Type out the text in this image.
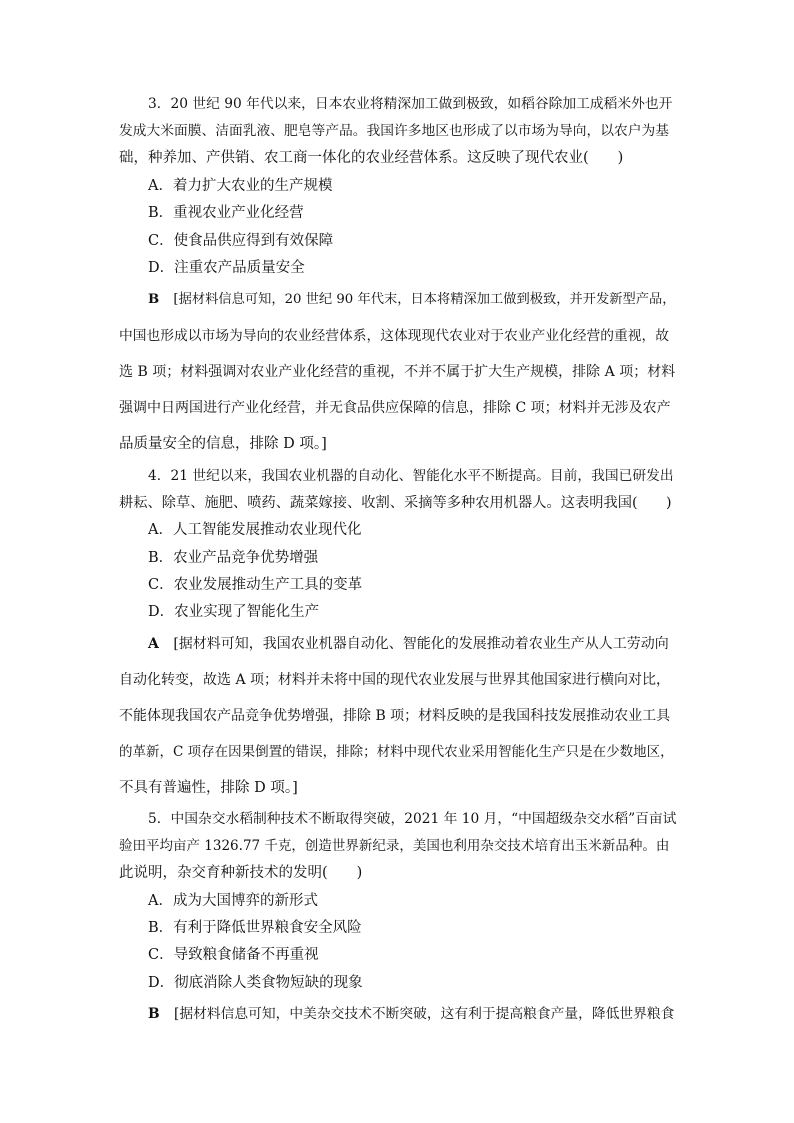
3．20 世纪 90 年代以来，日本农业将精深加工做到极致，如稻谷除加工成稻米外也开
发成大米面膜、洁面乳液、肥皂等产品。我国许多地区也形成了以市场为导向，以农户为基
础，种养加、产供销、农工商一体化的农业经营体系。这反映了现代农业(　　)
A．着力扩大农业的生产规模
B．重视农业产业化经营
C．使食品供应得到有效保障
D．注重农产品质量安全
B [据材料信息可知，20 世纪 90 年代末，日本将精深加工做到极致，并开发新型产品，
中国也形成以市场为导向的农业经营体系，这体现现代农业对于农业产业化经营的重视，故
选 B 项；材料强调对农业产业化经营的重视，不并不属于扩大生产规模，排除 A 项；材料
强调中日两国进行产业化经营，并无食品供应保障的信息，排除 C 项；材料并无涉及农产
品质量安全的信息，排除 D 项。]
4．21 世纪以来，我国农业机器的自动化、智能化水平不断提高。目前，我国已研发出
耕耘、除草、施肥、喷药、蔬菜嫁接、收割、采摘等多种农用机器人。这表明我国(　　)
A．人工智能发展推动农业现代化
B．农业产品竞争优势增强
C．农业发展推动生产工具的变革
D．农业实现了智能化生产
A [据材料可知，我国农业机器自动化、智能化的发展推动着农业生产从人工劳动向
自动化转变，故选 A 项；材料并未将中国的现代农业发展与世界其他国家进行横向对比，
不能体现我国农产品竞争优势增强，排除 B 项；材料反映的是我国科技发展推动农业工具
的革新，C 项存在因果倒置的错误，排除；材料中现代农业采用智能化生产只是在少数地区，
不具有普遍性，排除 D 项。]
5．中国杂交水稻制种技术不断取得突破，2021 年 10 月，“中国超级杂交水稻”百亩试
验田平均亩产 1326.77 千克，创造世界新纪录，美国也利用杂交技术培育出玉米新品种。由
此说明，杂交育种新技术的发明(　　)
A．成为大国博弈的新形式
B．有利于降低世界粮食安全风险
C．导致粮食储备不再重视
D．彻底消除人类食物短缺的现象
B [据材料信息可知，中美杂交技术不断突破，这有利于提高粮食产量，降低世界粮食
